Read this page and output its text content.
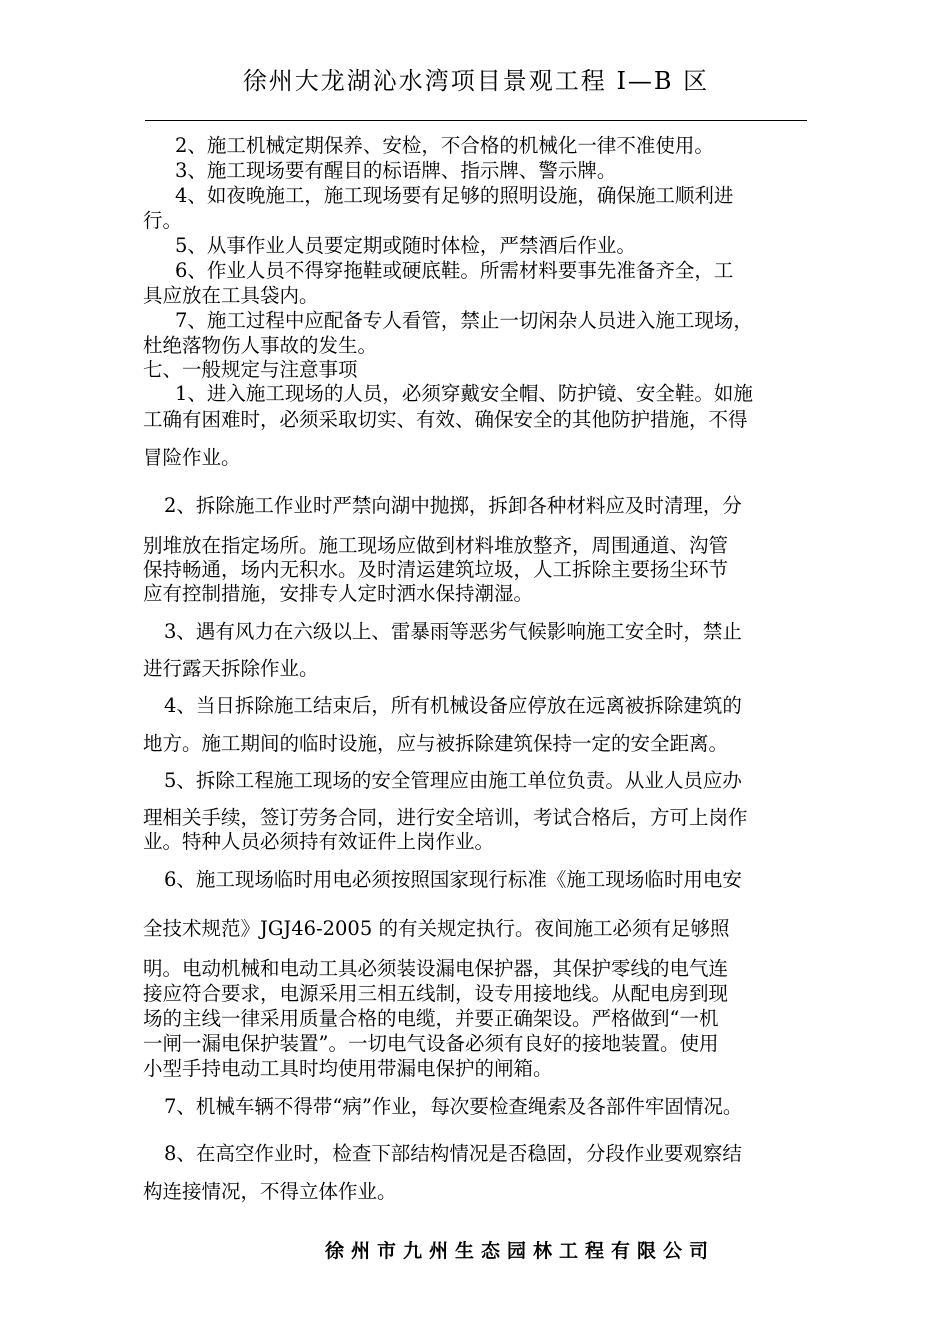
徐州大龙湖沁水湾项目景观工程 I—B 区
2、施工机械定期保养、安检，不合格的机械化一律不准使用。
3、施工现场要有醒目的标语牌、指示牌、警示牌。
4、如夜晚施工，施工现场要有足够的照明设施，确保施工顺利进
行。
5、从事作业人员要定期或随时体检，严禁酒后作业。
6、作业人员不得穿拖鞋或硬底鞋。所需材料要事先准备齐全，工
具应放在工具袋内。
7、施工过程中应配备专人看管，禁止一切闲杂人员进入施工现场，
杜绝落物伤人事故的发生。
七、一般规定与注意事项
1、进入施工现场的人员，必须穿戴安全帽、防护镜、安全鞋。如施
工确有困难时，必须采取切实、有效、确保安全的其他防护措施，不得
冒险作业。
2、拆除施工作业时严禁向湖中抛掷，拆卸各种材料应及时清理，分
别堆放在指定场所。施工现场应做到材料堆放整齐，周围通道、沟管
保持畅通，场内无积水。及时清运建筑垃圾，人工拆除主要扬尘环节
应有控制措施，安排专人定时洒水保持潮湿。
3、遇有风力在六级以上、雷暴雨等恶劣气候影响施工安全时，禁止
进行露天拆除作业。
4、当日拆除施工结束后，所有机械设备应停放在远离被拆除建筑的
地方。施工期间的临时设施，应与被拆除建筑保持一定的安全距离。
5、拆除工程施工现场的安全管理应由施工单位负责。从业人员应办
理相关手续，签订劳务合同，进行安全培训，考试合格后，方可上岗作
业。特种人员必须持有效证件上岗作业。
6、施工现场临时用电必须按照国家现行标准《施工现场临时用电安
全技术规范》JGJ46-2005 的有关规定执行。夜间施工必须有足够照
明。电动机械和电动工具必须装设漏电保护器，其保护零线的电气连
接应符合要求，电源采用三相五线制，设专用接地线。从配电房到现
场的主线一律采用质量合格的电缆，并要正确架设。严格做到“一机
一闸一漏电保护装置”。一切电气设备必须有良好的接地装置。使用
小型手持电动工具时均使用带漏电保护的闸箱。
7、机械车辆不得带“病”作业，每次要检查绳索及各部件牢固情况。
8、在高空作业时，检查下部结构情况是否稳固，分段作业要观察结
构连接情况，不得立体作业。
徐州市九州生态园林工程有限公司
